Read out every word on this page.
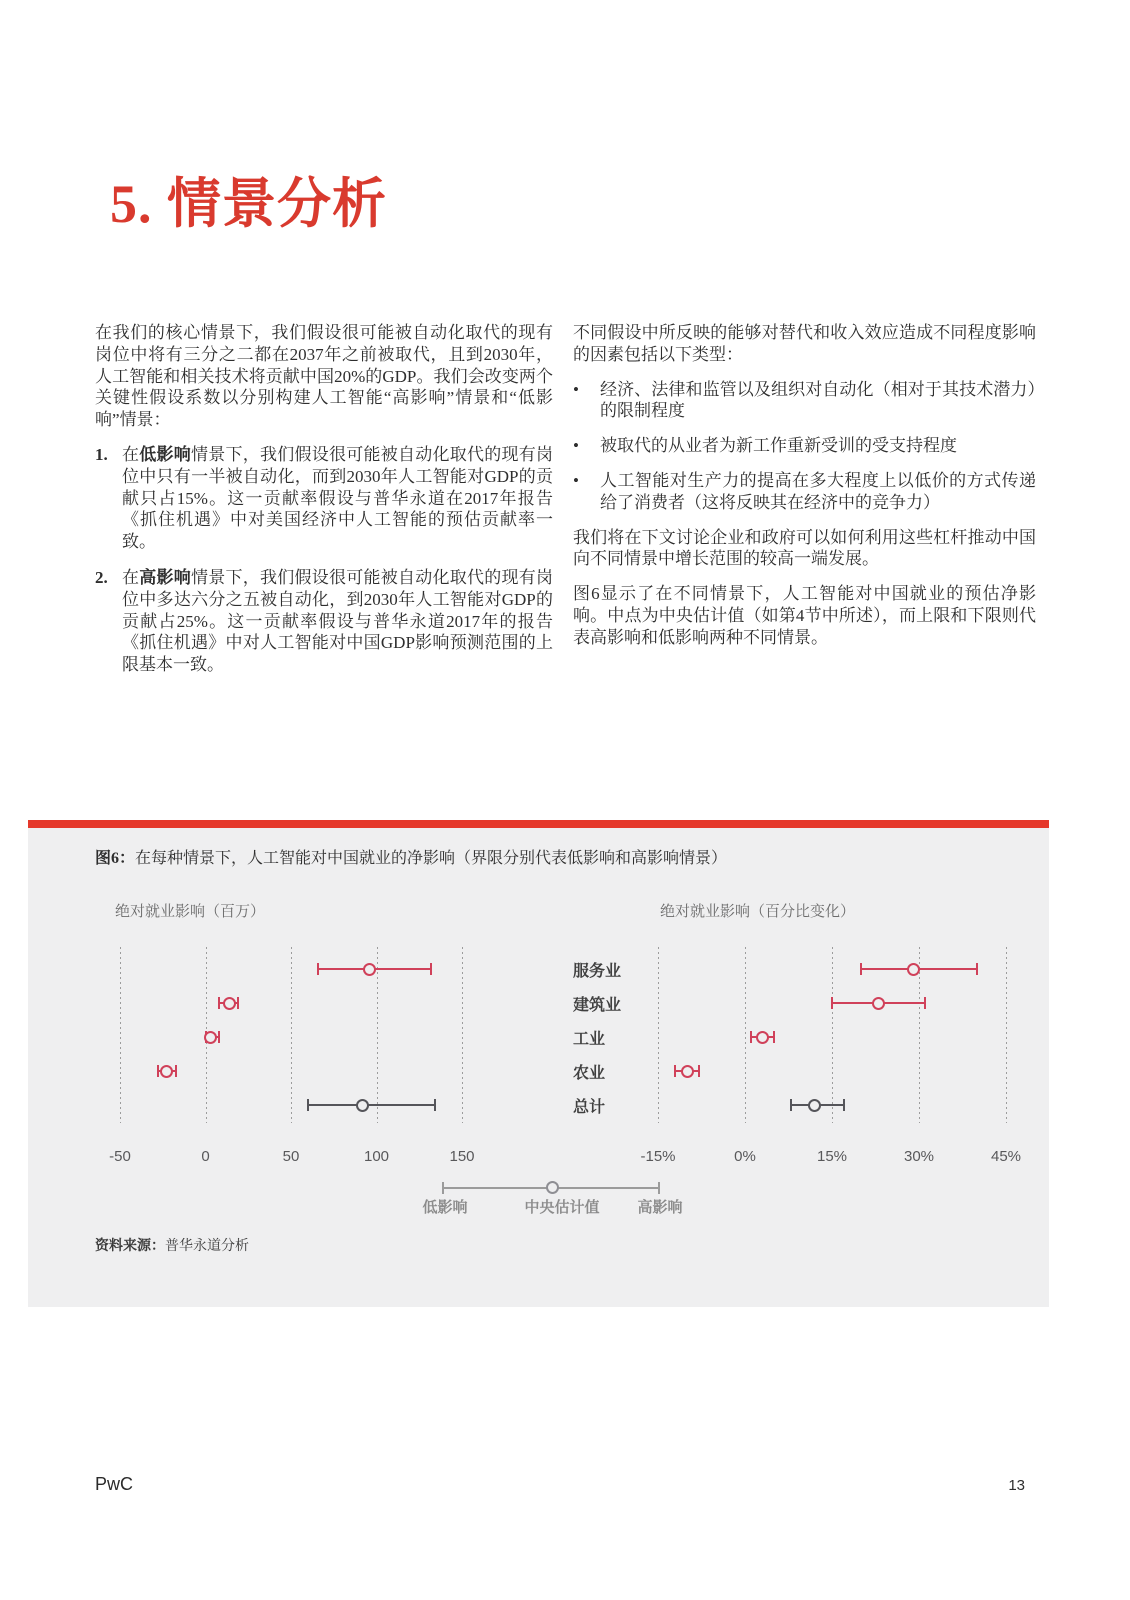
5. 情景分析

在我们的核心情景下，我们假设很可能被自动化取代的现有岗位中将有三分之二都在2037年之前被取代，且到2030年，人工智能和相关技术将贡献中国20%的GDP。我们会改变两个关键性假设系数以分别构建人工智能“高影响”情景和“低影响”情景：

1. 在低影响情景下，我们假设很可能被自动化取代的现有岗位中只有一半被自动化，而到2030年人工智能对GDP的贡献只占15%。这一贡献率假设与普华永道在2017年报告《抓住机遇》中对美国经济中人工智能的预估贡献率一致。
2. 在高影响情景下，我们假设很可能被自动化取代的现有岗位中多达六分之五被自动化，到2030年人工智能对GDP的贡献占25%。这一贡献率假设与普华永道2017年的报告《抓住机遇》中对人工智能对中国GDP影响预测范围的上限基本一致。

不同假设中所反映的能够对替代和收入效应造成不同程度影响的因素包括以下类型：

•	经济、法律和监管以及组织对自动化（相对于其技术潜力）的限制程度
•	被取代的从业者为新工作重新受训的受支持程度
•	人工智能对生产力的提高在多大程度上以低价的方式传递给了消费者（这将反映其在经济中的竞争力）

我们将在下文讨论企业和政府可以如何利用这些杠杆推动中国向不同情景中增长范围的较高一端发展。

图6显示了在不同情景下，人工智能对中国就业的预估净影响。中点为中央估计值（如第4节中所述），而上限和下限则代表高影响和低影响两种不同情景。

图6：在每种情景下，人工智能对中国就业的净影响（界限分别代表低影响和高影响情景）
绝对就业影响（百万）	绝对就业影响（百分比变化）
低影响	中央估计值	高影响
资料来源：普华永道分析
-50	0	50	100	150	-15%	0%	15%	30%	45%
服务业
建筑业
工业
农业
总计
PwC	13
